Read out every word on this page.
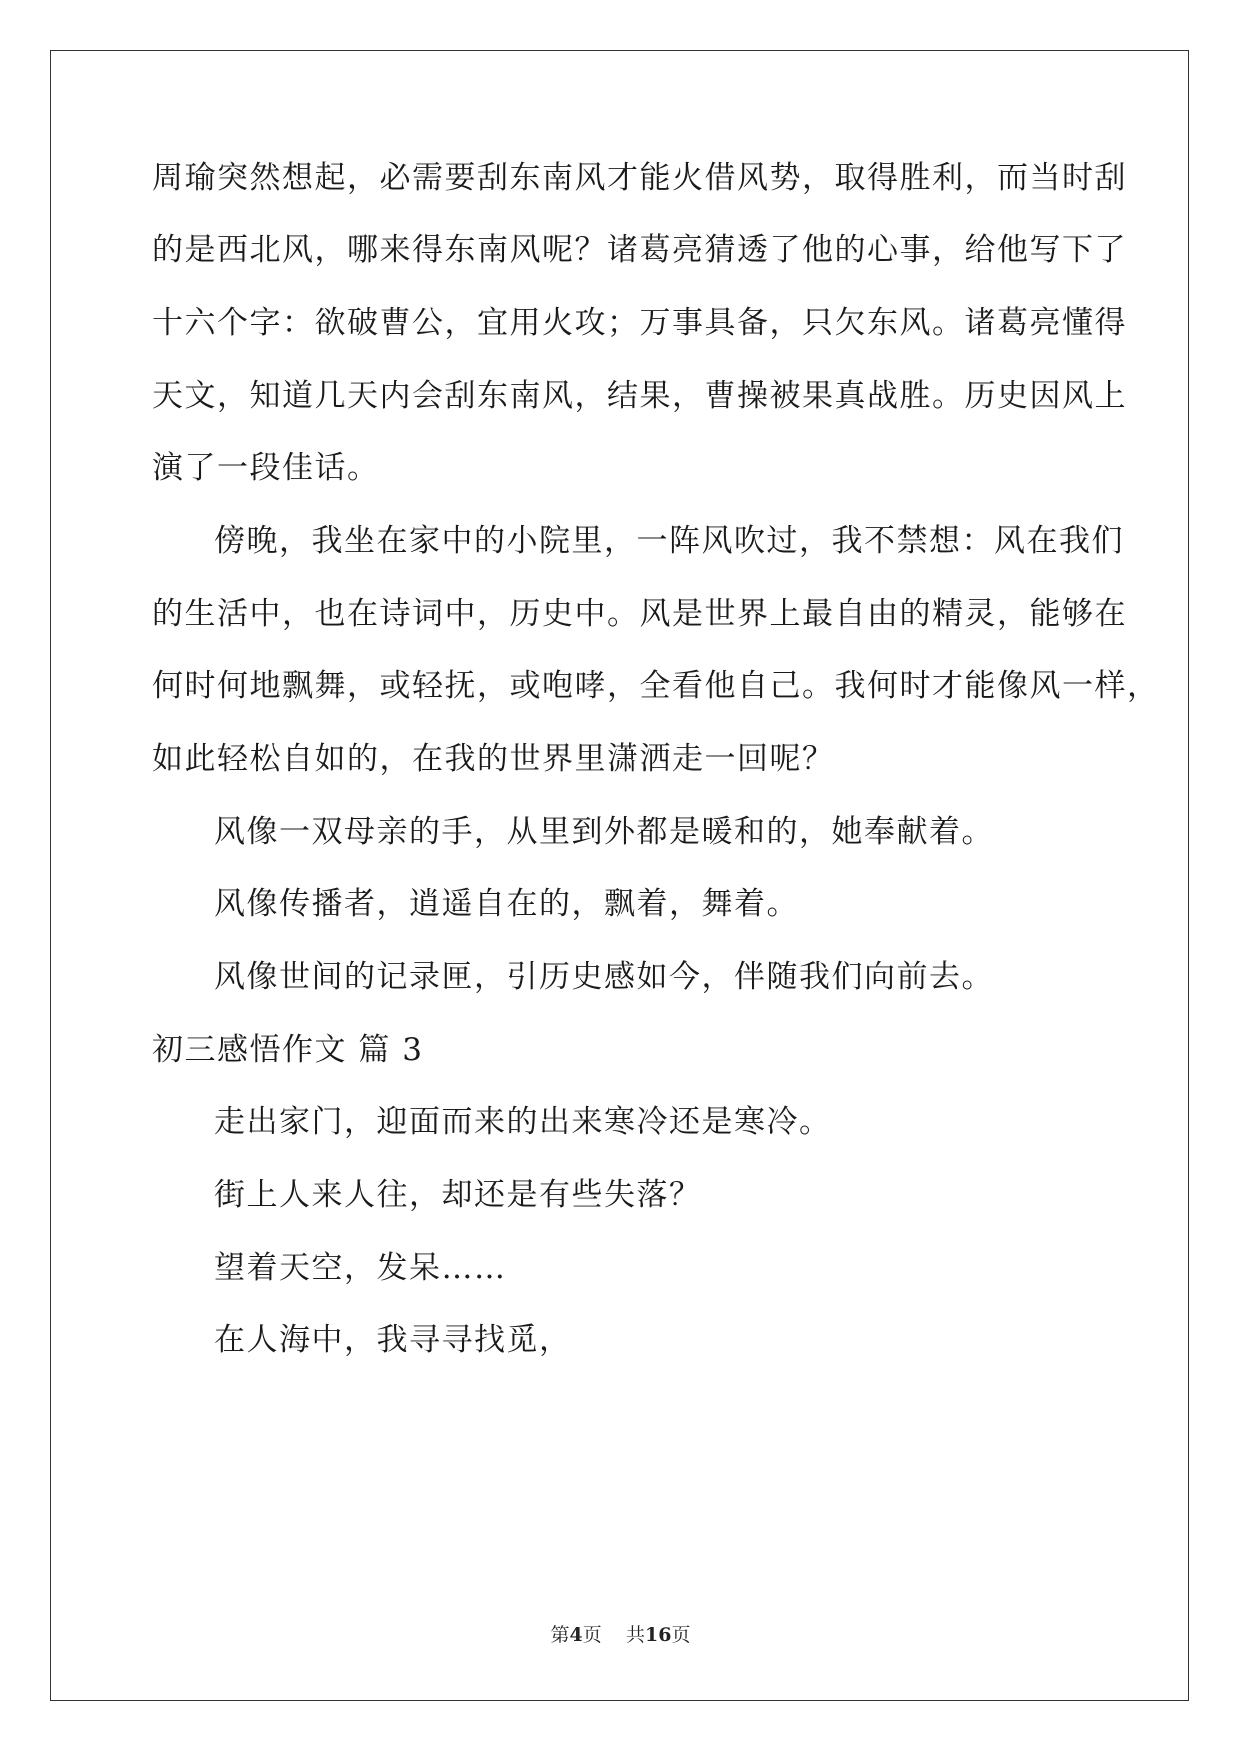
周瑜突然想起，必需要刮东南风才能火借风势，取得胜利，而当时刮
的是西北风，哪来得东南风呢？诸葛亮猜透了他的心事，给他写下了
十六个字：欲破曹公，宜用火攻；万事具备，只欠东风。诸葛亮懂得
天文，知道几天内会刮东南风，结果，曹操被果真战胜。历史因风上
演了一段佳话。
傍晚，我坐在家中的小院里，一阵风吹过，我不禁想：风在我们
的生活中，也在诗词中，历史中。风是世界上最自由的精灵，能够在
何时何地飘舞，或轻抚，或咆哮，全看他自己。我何时才能像风一样，
如此轻松自如的，在我的世界里潇洒走一回呢？
风像一双母亲的手，从里到外都是暖和的，她奉献着。
风像传播者，逍遥自在的，飘着，舞着。
风像世间的记录匣，引历史感如今，伴随我们向前去。
初三感悟作文 篇 3
走出家门，迎面而来的出来寒冷还是寒冷。
街上人来人往，却还是有些失落？
望着天空，发呆……
在人海中，我寻寻找觅，
第4页 共16页
